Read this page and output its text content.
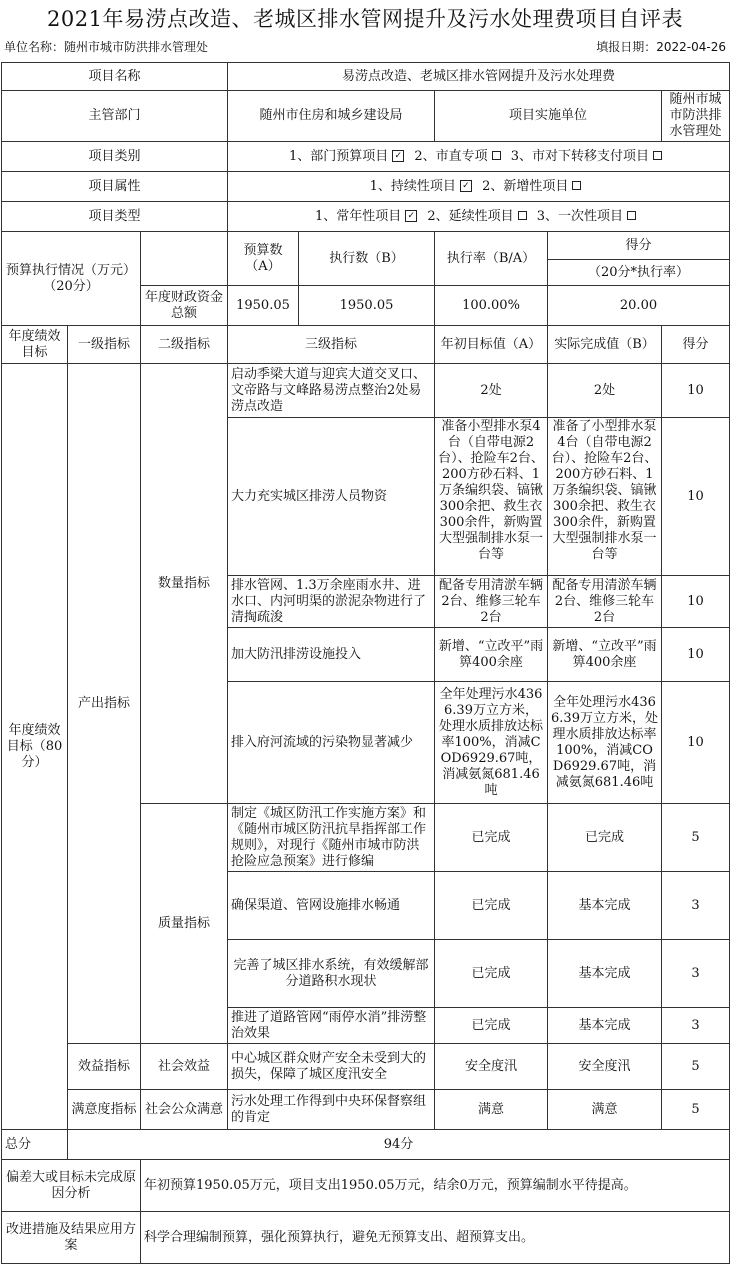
2021年易涝点改造、老城区排水管网提升及污水处理费项目自评表
单位名称：随州市城市防洪排水管理处	填报日期：2022-04-26
项目名称			易涝点改造、老城区排水管网提升及污水处理费				
主管部门			随州市住房和城乡建设局		项目实施单位		随州市城市防洪排水管理处
项目类别			1、部门预算项目 ✓ 2、市直专项 3、市对下转移支付项目				
项目属性			1、持续性项目 ✓ 2、新增性项目				
项目类型			1、常年性项目 ✓ 2、延续性项目 3、一次性项目				
预算执行情况（万元）（20分）			预算数（A）	执行数（B）	执行率（B/A）	得分	
						（20分*执行率）	
		年度财政资金总额	1950.05	1950.05	100.00%	20.00	
年度绩效目标	一级指标	二级指标	三级指标		年初目标值（A）	实际完成值（B）	得分
年度绩效目标（80分）	产出指标	数量指标	启动季梁大道与迎宾大道交叉口、文帝路与文峰路易涝点整治2处易涝点改造		2处	2处	10
			大力充实城区排涝人员物资		准备小型排水泵4台（自带电源2台）、抢险车2台、200方砂石料、1万条编织袋、镐锹300余把、救生衣300余件，新购置大型强制排水泵一台等	准备了小型排水泵4台（自带电源2台）、抢险车2台、200方砂石料、1万条编织袋、镐锹300余把、救生衣300余件，新购置大型强制排水泵一台等	10
			排水管网、1.3万余座雨水井、进水口、内河明渠的淤泥杂物进行了清掏疏浚		配备专用清淤车辆2台、维修三轮车2台	配备专用清淤车辆2台、维修三轮车2台	10
			加大防汛排涝设施投入		新增、“立改平”雨箅400余座	新增、“立改平”雨箅400余座	10
			排入府河流域的污染物显著减少		全年处理污水4366.39万立方米，处理水质排放达标率100%，消减COD6929.67吨，消减氨氮681.46吨	全年处理污水4366.39万立方米，处理水质排放达标率100%，消减COD6929.67吨，消减氨氮681.46吨	10
		质量指标	制定《城区防汛工作实施方案》和《随州市城区防汛抗旱指挥部工作规则》，对现行《随州市城市防洪抢险应急预案》进行修编		已完成	已完成	5
			确保渠道、管网设施排水畅通		已完成	基本完成	3
			完善了城区排水系统，有效缓解部分道路积水现状		已完成	基本完成	3
			推进了道路管网“雨停水消”排涝整治效果		已完成	基本完成	3
	效益指标	社会效益	中心城区群众财产安全未受到大的损失，保障了城区度汛安全		安全度汛	安全度汛	5
	满意度指标	社会公众满意	污水处理工作得到中央环保督察组的肯定		满意	满意	5
总分	94分						
偏差大或目标未完成原因分析		年初预算1950.05万元，项目支出1950.05万元，结余0万元，预算编制水平待提高。					
改进措施及结果应用方案		科学合理编制预算，强化预算执行，避免无预算支出、超预算支出。					
